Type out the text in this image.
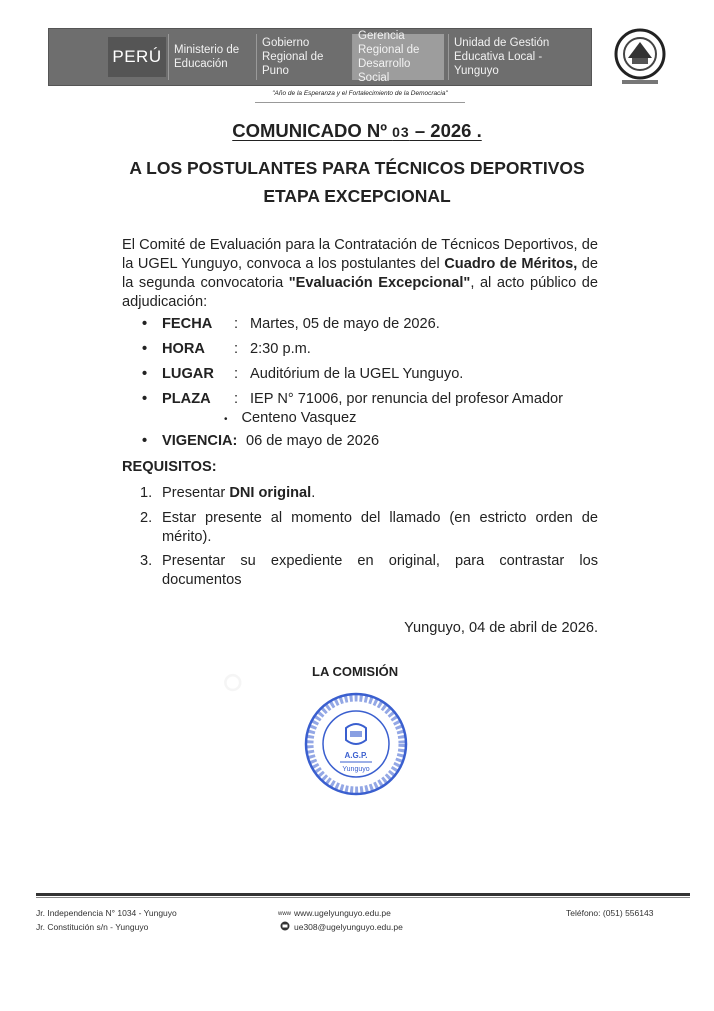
PERÚ	Ministerio de Educación
Gobierno Regional de Puno
Gerencia Regional de Desarrollo Social
Unidad de Gestión Educativa Local - Yunguyo
"Año de la Esperanza y el Fortalecimiento de la Democracia"
COMUNICADO Nº 03 – 2026 .
A LOS POSTULANTES PARA TÉCNICOS DEPORTIVOS
ETAPA EXCEPCIONAL
El Comité de Evaluación para la Contratación de Técnicos Deportivos, de la UGEL Yunguyo, convoca a los postulantes del Cuadro de Méritos, de la segunda convocatoria "Evaluación Excepcional", al acto público de adjudicación:
• FECHA : Martes, 05 de mayo de 2026.
• HORA : 2:30 p.m.
• LUGAR : Auditórium de la UGEL Yunguyo.
• PLAZA : IEP N° 71006, por renuncia del profesor Amador
• Centeno Vasquez
• VIGENCIA: 06 de mayo de 2026
REQUISITOS:
1. Presentar DNI original.
2. Estar presente al momento del llamado (en estricto orden de mérito).
3. Presentar su expediente en original, para contrastar los documentos
Yunguyo, 04 de abril de 2026.
LA COMISIÓN
A.G.P.
Yunguyo
Jr. Independencia N° 1034 - Yunguyo
Jr. Constitución s/n - Yunguyo
www www.ugelyunguyo.edu.pe
ue308@ugelyunguyo.edu.pe
Teléfono: (051) 556143
